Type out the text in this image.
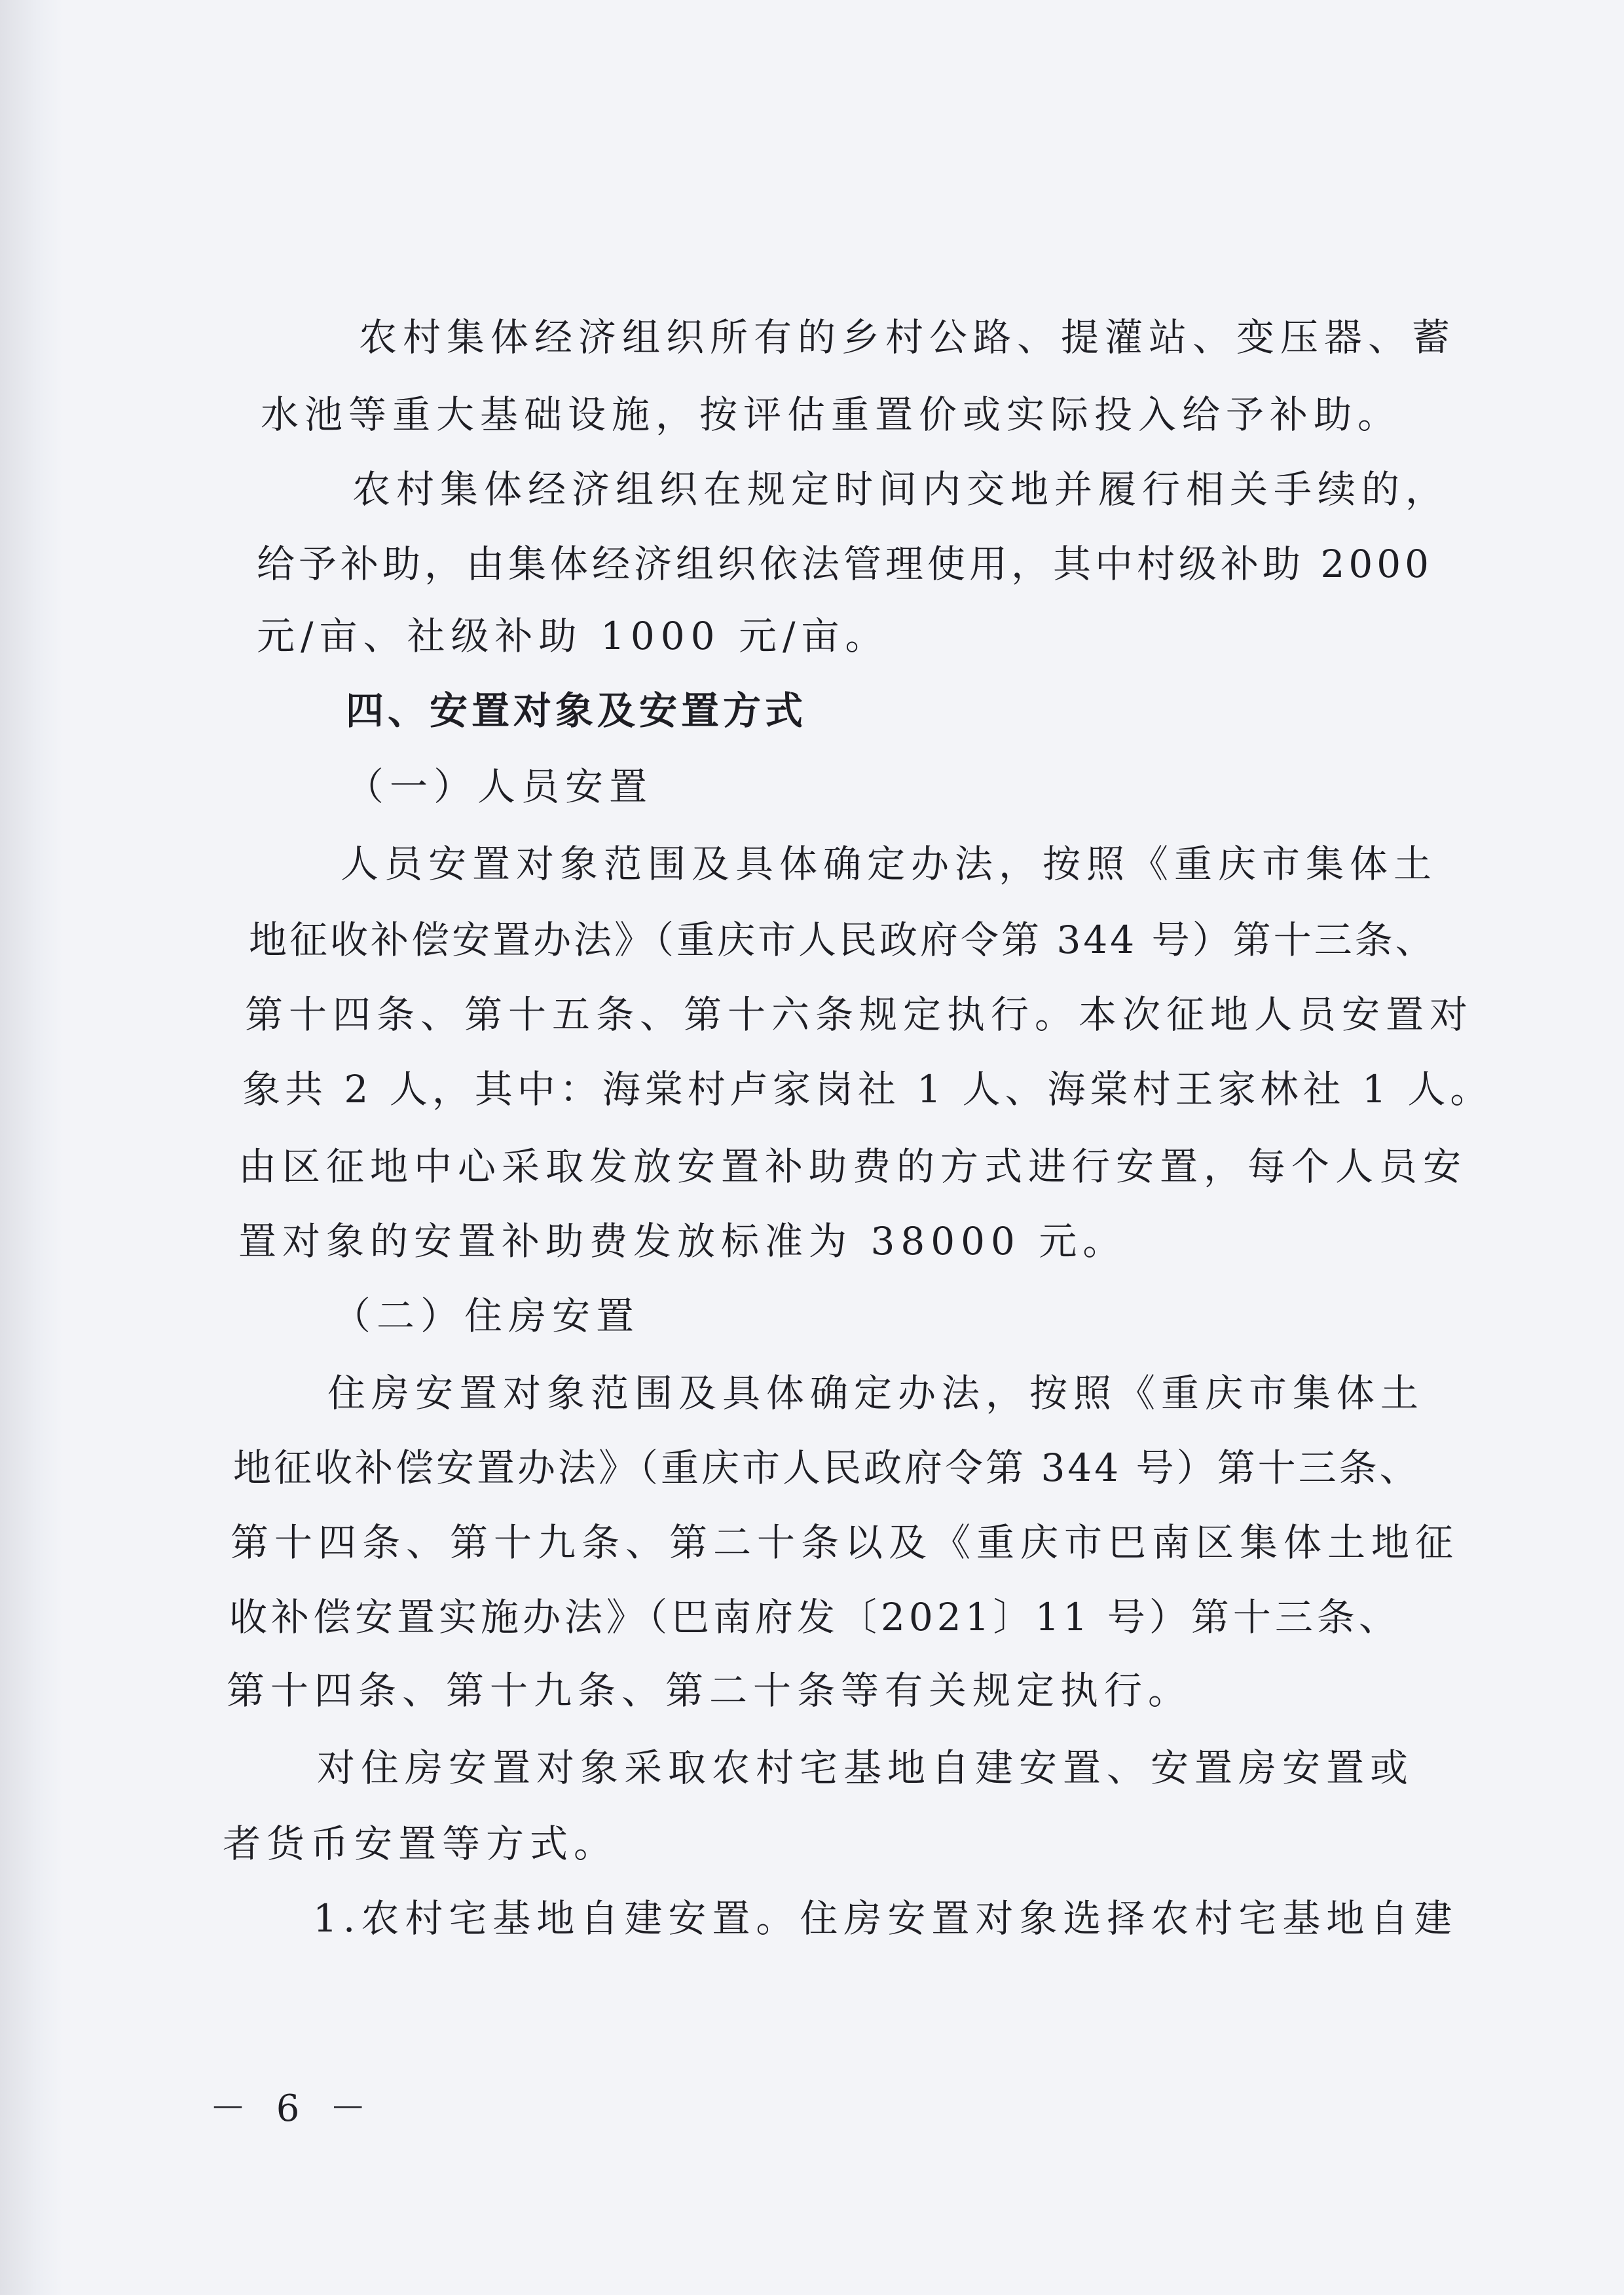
农村集体经济组织所有的乡村公路、提灌站、变压器、蓄

水池等重大基础设施，按评估重置价或实际投入给予补助。

农村集体经济组织在规定时间内交地并履行相关手续的，

给予补助，由集体经济组织依法管理使用，其中村级补助 2000

元/亩、社级补助 1000 元/亩。

四、安置对象及安置方式

（一）人员安置

人员安置对象范围及具体确定办法，按照《重庆市集体土

地征收补偿安置办法》（重庆市人民政府令第 344 号）第十三条、

第十四条、第十五条、第十六条规定执行。本次征地人员安置对

象共 2 人，其中：海棠村卢家岗社 1 人、海棠村王家林社 1 人。

由区征地中心采取发放安置补助费的方式进行安置，每个人员安

置对象的安置补助费发放标准为 38000 元。

（二）住房安置

住房安置对象范围及具体确定办法，按照《重庆市集体土

地征收补偿安置办法》（重庆市人民政府令第 344 号）第十三条、

第十四条、第十九条、第二十条以及《重庆市巴南区集体土地征

收补偿安置实施办法》（巴南府发〔2021〕11 号）第十三条、

第十四条、第十九条、第二十条等有关规定执行。

对住房安置对象采取农村宅基地自建安置、安置房安置或

者货币安置等方式。

1.农村宅基地自建安置。住房安置对象选择农村宅基地自建

－ 6 －
